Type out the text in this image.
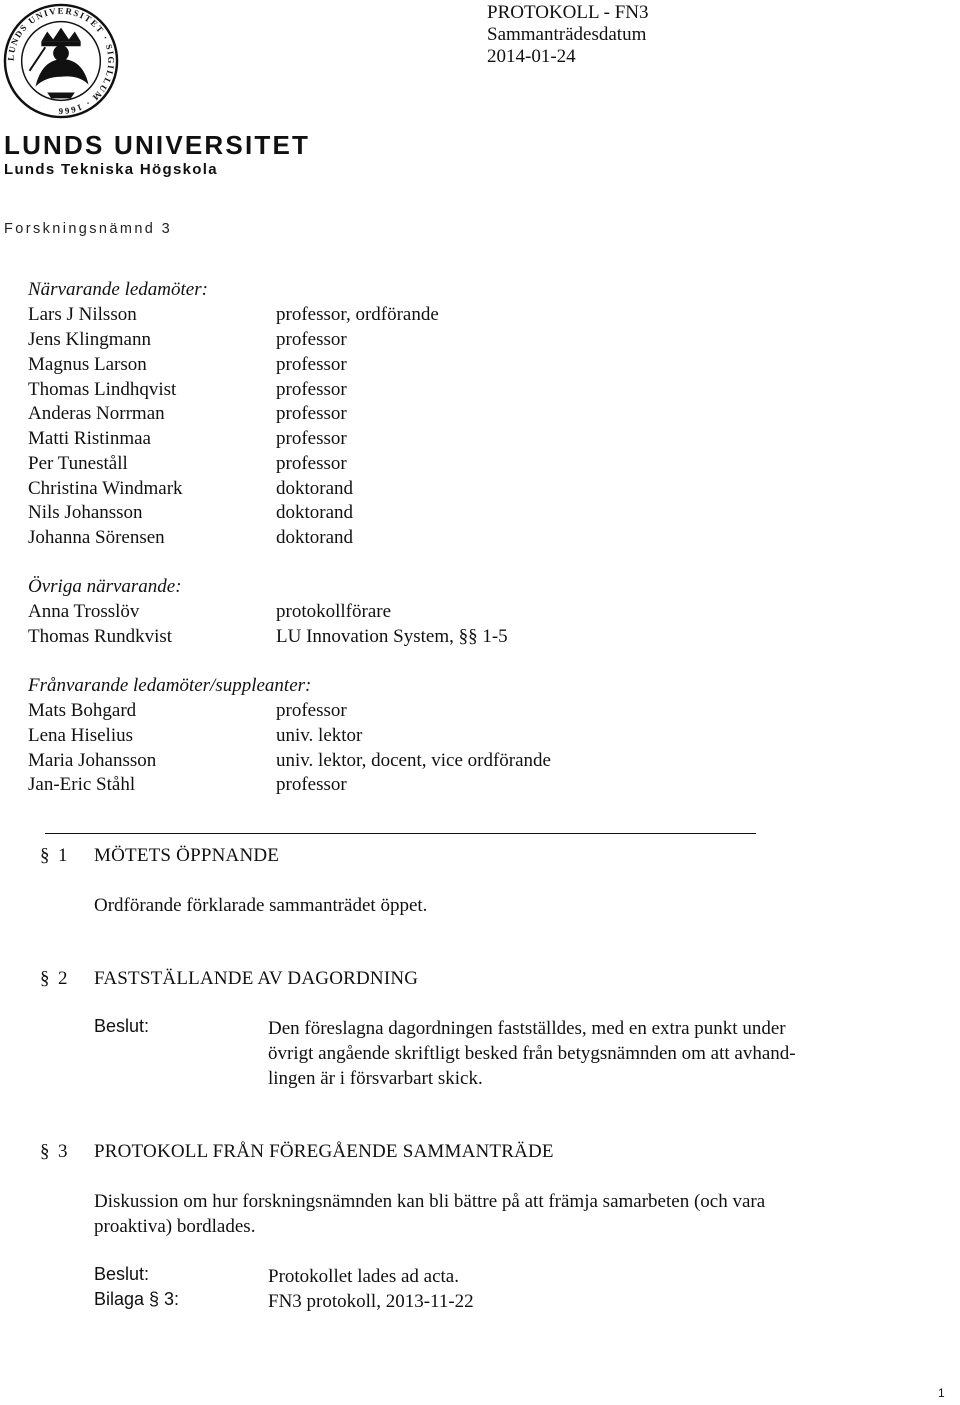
LUNDS UNIVERSITET · SIGILLUM · 1666
LUNDS UNIVERSITET
Lunds Tekniska Högskola
PROTOKOLL - FN3
Sammanträdesdatum
2014-01-24
Forskningsnämnd 3
Närvarande ledamöter:
Lars J Nilsson	professor, ordförande
Jens Klingmann	professor
Magnus Larson	professor
Thomas Lindhqvist	professor
Anderas Norrman	professor
Matti Ristinmaa	professor
Per Tuneståll	professor
Christina Windmark	doktorand
Nils Johansson	doktorand
Johanna Sörensen	doktorand
Övriga närvarande:
Anna Trosslöv	protokollförare
Thomas Rundkvist	LU Innovation System, §§ 1-5
Frånvarande ledamöter/suppleanter:
Mats Bohgard	professor
Lena Hiselius	univ. lektor
Maria Johansson	univ. lektor, docent, vice ordförande
Jan-Eric Ståhl	professor
§ 1 MÖTETS ÖPPNANDE
Ordförande förklarade sammanträdet öppet.
§ 2 FASTSTÄLLANDE AV DAGORDNING
Beslut:	Den föreslagna dagordningen fastställdes, med en extra punkt under
övrigt angående skriftligt besked från betygsnämnden om att avhand-
lingen är i försvarbart skick.
§ 3 PROTOKOLL FRÅN FÖREGÅENDE SAMMANTRÄDE
Diskussion om hur forskningsnämnden kan bli bättre på att främja samarbeten (och vara
proaktiva) bordlades.
Beslut:	Protokollet lades ad acta.
Bilaga § 3:	FN3 protokoll, 2013-11-22
1
